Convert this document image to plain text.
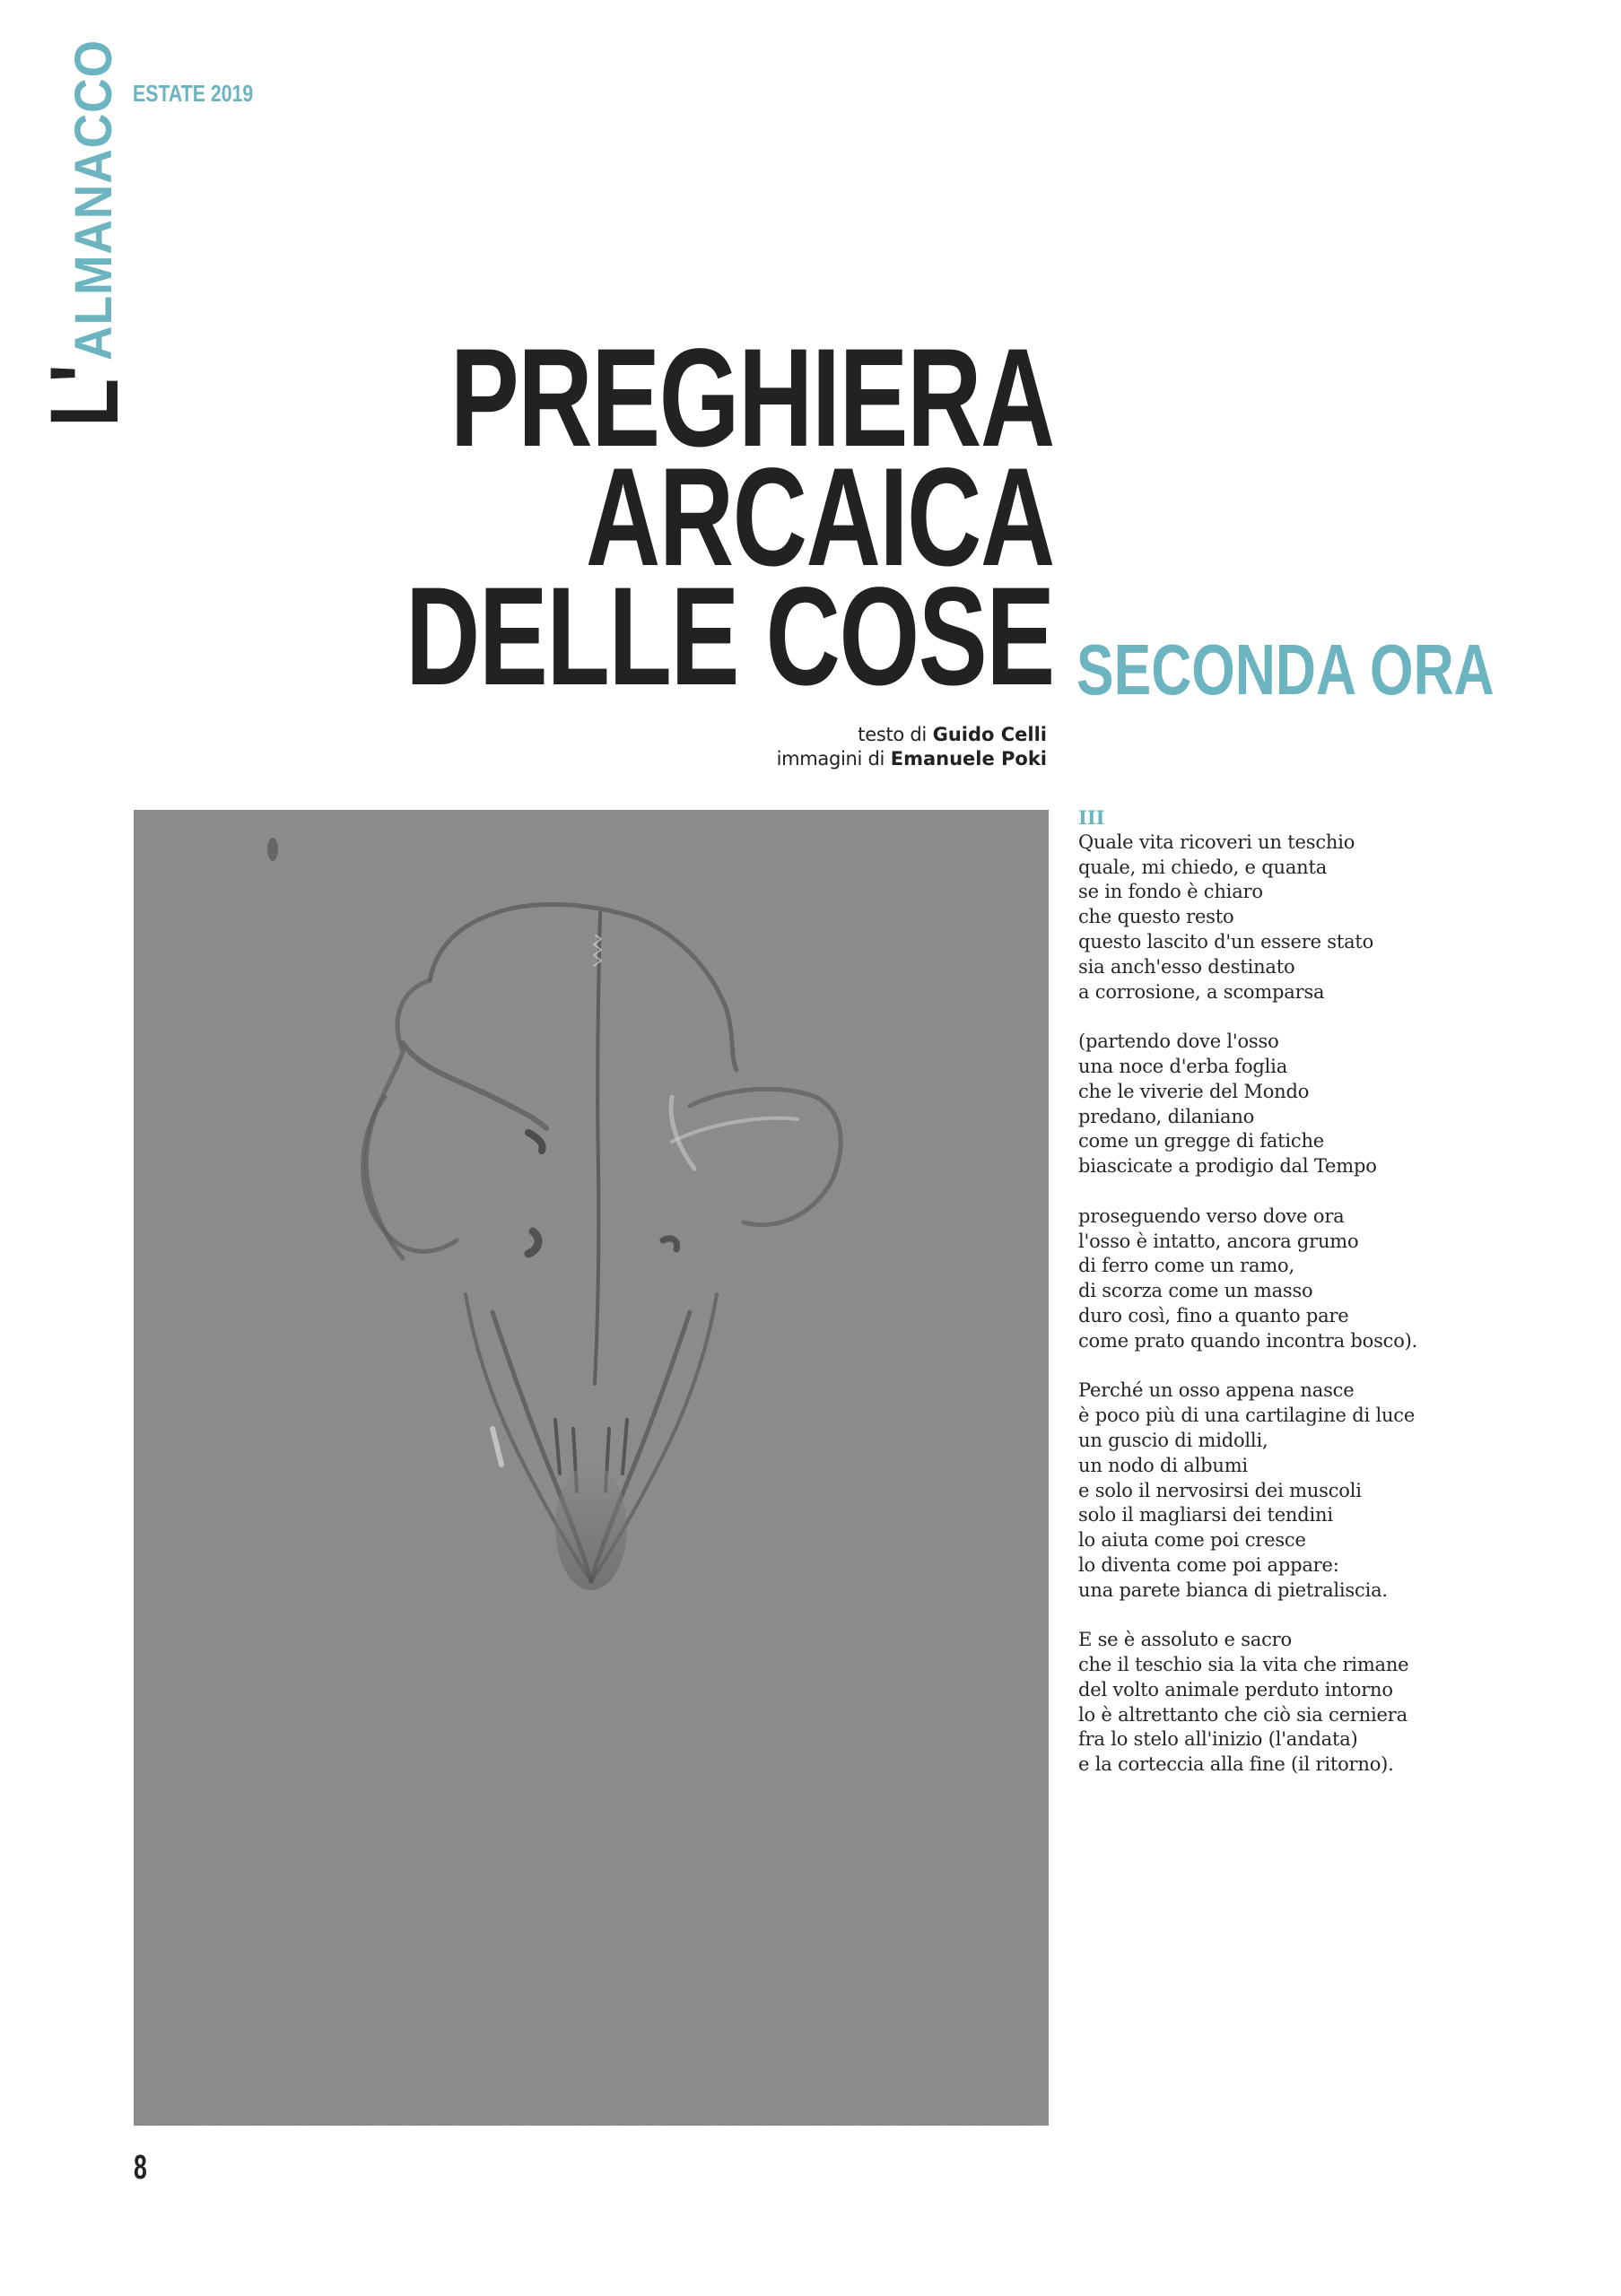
L'
ALMANACCO ESTATE 2019
PREGHIERA
ARCAICA
DELLE COSE SECONDA ORA
testo di Guido Celli
immagini di Emanuele Poki
III
Quale vita ricoveri un teschio
quale, mi chiedo, e quanta
se in fondo è chiaro
che questo resto
questo lascito d'un essere stato
sia anch'esso destinato
a corrosione, a scomparsa
(partendo dove l'osso
una noce d'erba foglia
che le viverie del Mondo
predano, dilaniano
come un gregge di fatiche
biascicate a prodigio dal Tempo
proseguendo verso dove ora
l'osso è intatto, ancora grumo
di ferro come un ramo,
di scorza come un masso
duro così, fino a quanto pare
come prato quando incontra bosco).
Perché un osso appena nasce
è poco più di una cartilagine di luce
un guscio di midolli,
un nodo di albumi
e solo il nervosirsi dei muscoli
solo il magliarsi dei tendini
lo aiuta come poi cresce
lo diventa come poi appare:
una parete bianca di pietraliscia.
E se è assoluto e sacro
che il teschio sia la vita che rimane
del volto animale perduto intorno
lo è altrettanto che ciò sia cerniera
fra lo stelo all'inizio (l'andata)
e la corteccia alla fine (il ritorno).
8
